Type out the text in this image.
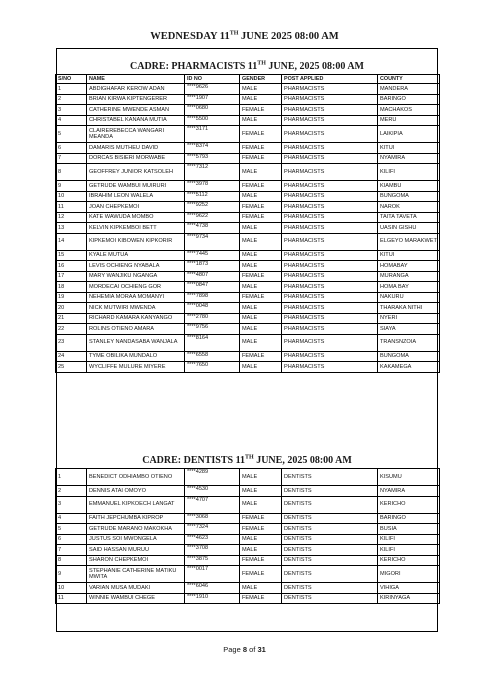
WEDNESDAY 11TH JUNE 2025 08:00 AM
CADRE: PHARMACISTS 11TH JUNE, 2025 08:00 AM
S/NO	NAME	ID NO	GENDER	POST APPLIED	COUNTY
1	ABDIGHAFAR KEROW ADAN	****9626	MALE	PHARMACISTS	MANDERA
2	BRIAN KIRWA KIPTENGERER	****1907	MALE	PHARMACISTS	BARINGO
3	CATHERINE MWENDE ASMAN	****0680	FEMALE	PHARMACISTS	MACHAKOS
4	CHRISTABEL KANANA MUTIA	****5500	MALE	PHARMACISTS	MERU
5	CLAIREREBECCA WANGARI MEANDA	****3171	FEMALE	PHARMACISTS	LAIKIPIA
6	DAMARIS MUTHEU DAVID	****8374	FEMALE	PHARMACISTS	KITUI
7	DORCAS BISIERI MORWABE	****5793	FEMALE	PHARMACISTS	NYAMIRA
8	GEOFFREY JUNIOR KATSOLEH	****7312	MALE	PHARMACISTS	KILIFI
9	GETRUDE WAMBUI MUIRURI	****3978	FEMALE	PHARMACISTS	KIAMBU
10	IBRAHIM LEON WALELA	****5112	MALE	PHARMACISTS	BUNGOMA
11	JOAN CHEPKEMOI	****9252	FEMALE	PHARMACISTS	NAROK
12	KATE WAWUDA MOMBO	****9622	FEMALE	PHARMACISTS	TAITA TAVETA
13	KELVIN KIPKEMBOI BETT	****4738	MALE	PHARMACISTS	UASIN GISHU
14	KIPKEMOI KIBOWEN KIPKORIR	****9734	MALE	PHARMACISTS	ELGEYO MARAKWET
15	KYALE MUTUA	****7445	MALE	PHARMACISTS	KITUI
16	LEVIS OCHIENG NYABALA	****1873	MALE	PHARMACISTS	HOMABAY
17	MARY WANJIKU NGANGA	****4807	FEMALE	PHARMACISTS	MURANGA
18	MORDECAI OCHIENG GOR	****0847	MALE	PHARMACISTS	HOMA BAY
19	NEHEMIA MORAA MOMANYI	****7898	FEMALE	PHARMACISTS	NAKURU
20	NICK MUTWIRI MWENDA	****0048	MALE	PHARMACISTS	THARAKA NITHI
21	RICHARD KAMARA KANYANGO	****2780	MALE	PHARMACISTS	NYERI
22	ROLINS OTIENO AMARA	****9756	MALE	PHARMACISTS	SIAYA
23	STANLEY NANDASABA WANJALA	****8164	MALE	PHARMACISTS	TRANSNZOIA
24	TYME OBILIKA MUNDALO	****6558	FEMALE	PHARMACISTS	BUNGOMA
25	WYCLIFFE MULURE MIYERE	****7650	MALE	PHARMACISTS	KAKAMEGA
CADRE: DENTISTS 11TH JUNE, 2025 08:00 AM
1	BENEDICT ODHIAMBO OTIENO	****4289	MALE	DENTISTS	KISUMU
2	DENNIS ATAI OMOYO	****4530	MALE	DENTISTS	NYAMIRA
3	EMMANUEL KIPKOECH LANGAT	****4707	MALE	DENTISTS	KERICHO
4	FAITH JEPCHUMBA KIPROP	****3068	FEMALE	DENTISTS	BARINGO
5	GETRUDE MARANO MAKOKHA	****7324	FEMALE	DENTISTS	BUSIA
6	JUSTUS SOI MWONGELA	****4623	MALE	DENTISTS	KILIFI
7	SAID HASSAN MURUU	****3708	MALE	DENTISTS	KILIFI
8	SHARON CHEPKEMOI	****3875	FEMALE	DENTISTS	KERICHO
9	STEPHANIE CATHERINE MATIKU MWITA	****0017	FEMALE	DENTISTS	MIGORI
10	VARIAN MUSA MUDAKI	****6046	MALE	DENTISTS	VIHIGA
11	WINNIE WAMBUI CHEGE	****1910	FEMALE	DENTISTS	KIRINYAGA
Page 8 of 31
